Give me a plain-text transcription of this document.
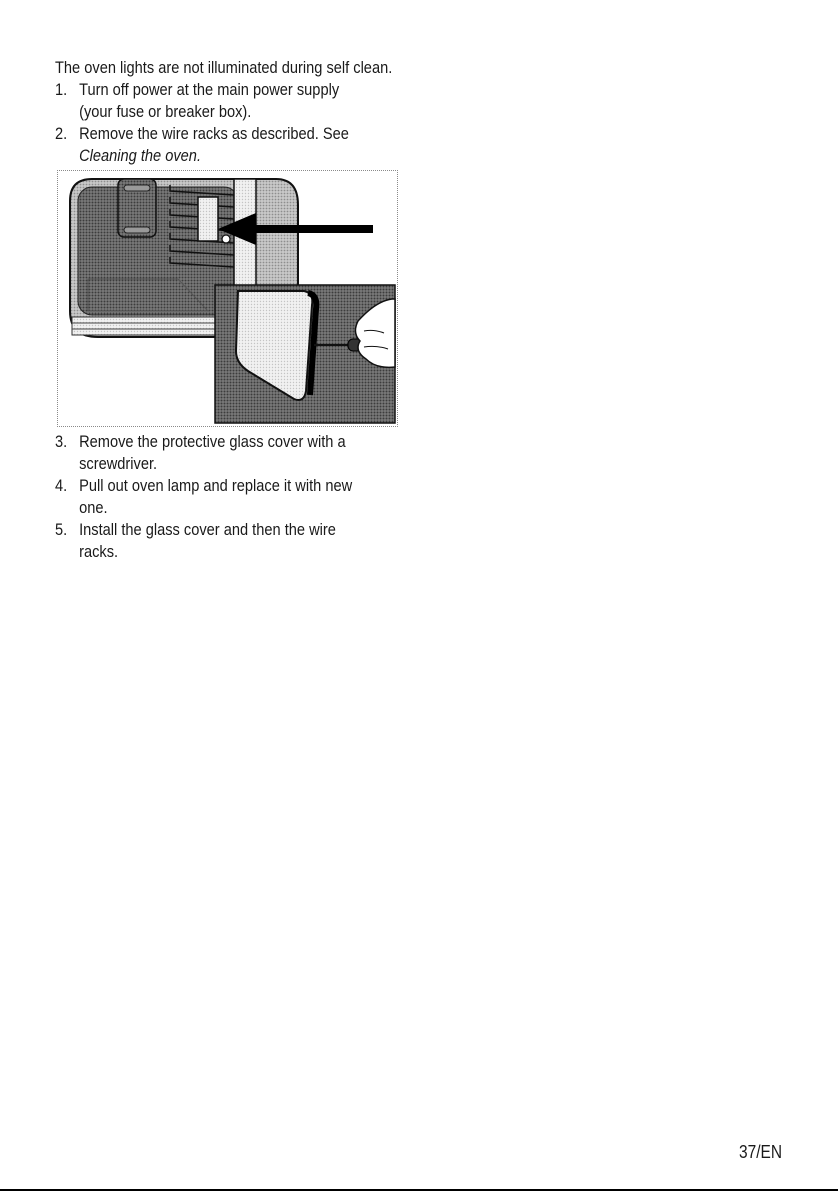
The oven lights are not illuminated during self clean.

1. Turn off power at the main power supply
(your fuse or breaker box).
2. Remove the wire racks as described. See
Cleaning the oven.
3. Remove the protective glass cover with a
screwdriver.
4. Pull out oven lamp and replace it with new
one.
5. Install the glass cover and then the wire
racks.
37/EN
